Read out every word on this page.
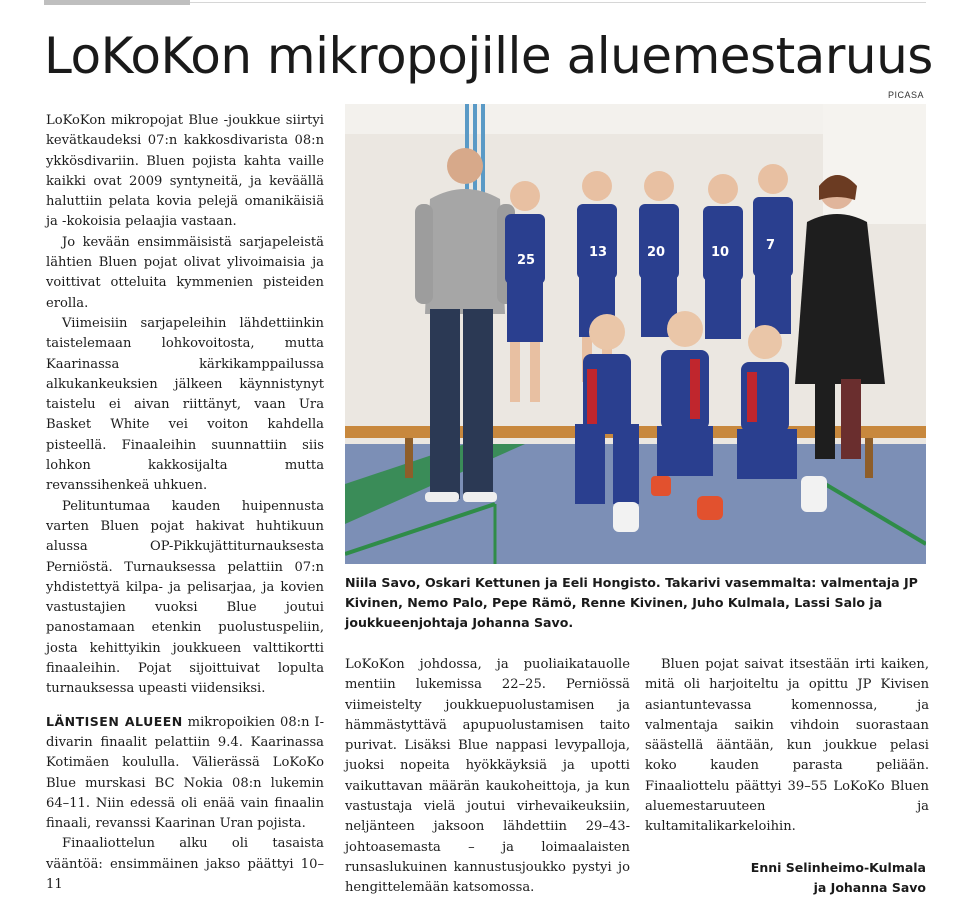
LoKoKon mikropojille aluemestaruus
PICASA

LoKoKon mikropojat Blue -joukkue siirtyi kevätkaudeksi 07:n kakkosdivarista 08:n ykkösdivariin. Bluen pojista kahta vaille kaikki ovat 2009 syntyneitä, ja keväällä haluttiin pelata kovia pelejä omanikäisiä ja -kokoisia pelaajia vastaan.

Jo kevään ensimmäisistä sarjapeleistä lähtien Bluen pojat olivat ylivoimaisia ja voittivat otteluita kymmenien pisteiden erolla.

Viimeisiin sarjapeleihin lähdettiinkin taistelemaan lohkovoitosta, mutta Kaarinassa kärkikamppailussa alkukankeuksien jälkeen käynnistynyt taistelu ei aivan riittänyt, vaan Ura Basket White vei voiton kahdella pisteellä. Finaaleihin suunnattiin siis lohkon kakkosijalta mutta revanssihenkeä uhkuen.

Pelituntumaa kauden huipennusta varten Bluen pojat hakivat huhtikuun alussa OP-Pikkujättiturnauksesta Perniöstä. Turnauksessa pelattiin 07:n yhdistettyä kilpa- ja pelisarjaa, ja kovien vastustajien vuoksi Blue joutui panostamaan etenkin puolustuspeliin, josta kehittyikin joukkueen valttikortti finaaleihin. Pojat sijoittuivat lopulta turnauksessa upeasti viidensiksi.

LÄNTISEN ALUEEN mikropoikien 08:n I-divarin finaalit pelattiin 9.4. Kaarinassa Kotimäen koululla. Välierässä LoKoKo Blue murskasi BC Nokia 08:n lukemin 64–11. Niin edessä oli enää vain finaalin finaali, revanssi Kaarinan Uran pojista.

Finaaliottelun alku oli tasaista vääntöä: ensimmäinen jakso päättyi 10–11

25
13	20	10	7
Niila Savo, Oskari Kettunen ja Eeli Hongisto. Takarivi vasemmalta: valmentaja JP Kivinen, Nemo Palo, Pepe Rämö, Renne Kivinen, Juho Kulmala, Lassi Salo ja joukkueenjohtaja Johanna Savo.

LoKoKon johdossa, ja puoliaikatauolle mentiin lukemissa 22–25. Perniössä viimeistelty joukkuepuolustamisen ja hämmästyttävä apupuolustamisen taito purivat. Lisäksi Blue nappasi levypalloja, juoksi nopeita hyökkäyksiä ja upotti vaikuttavan määrän kaukoheittoja, ja kun vastustaja vielä joutui virhevaikeuksiin, neljänteen jaksoon lähdettiin 29–43-johtoasemasta – ja loimaalaisten runsaslukuinen kannustusjoukko pystyi jo hengittelemään katsomossa.

Bluen pojat saivat itsestään irti kaiken, mitä oli harjoiteltu ja opittu JP Kivisen asiantuntevassa komennossa, ja valmentaja saikin vihdoin suorastaan säästellä ääntään, kun joukkue pelasi koko kauden parasta peliään. Finaaliottelu päättyi 39–55 LoKoKo Bluen aluemestaruuteen ja kultamitalikarkeloihin.

Enni Selinheimo-Kulmala
ja Johanna Savo
